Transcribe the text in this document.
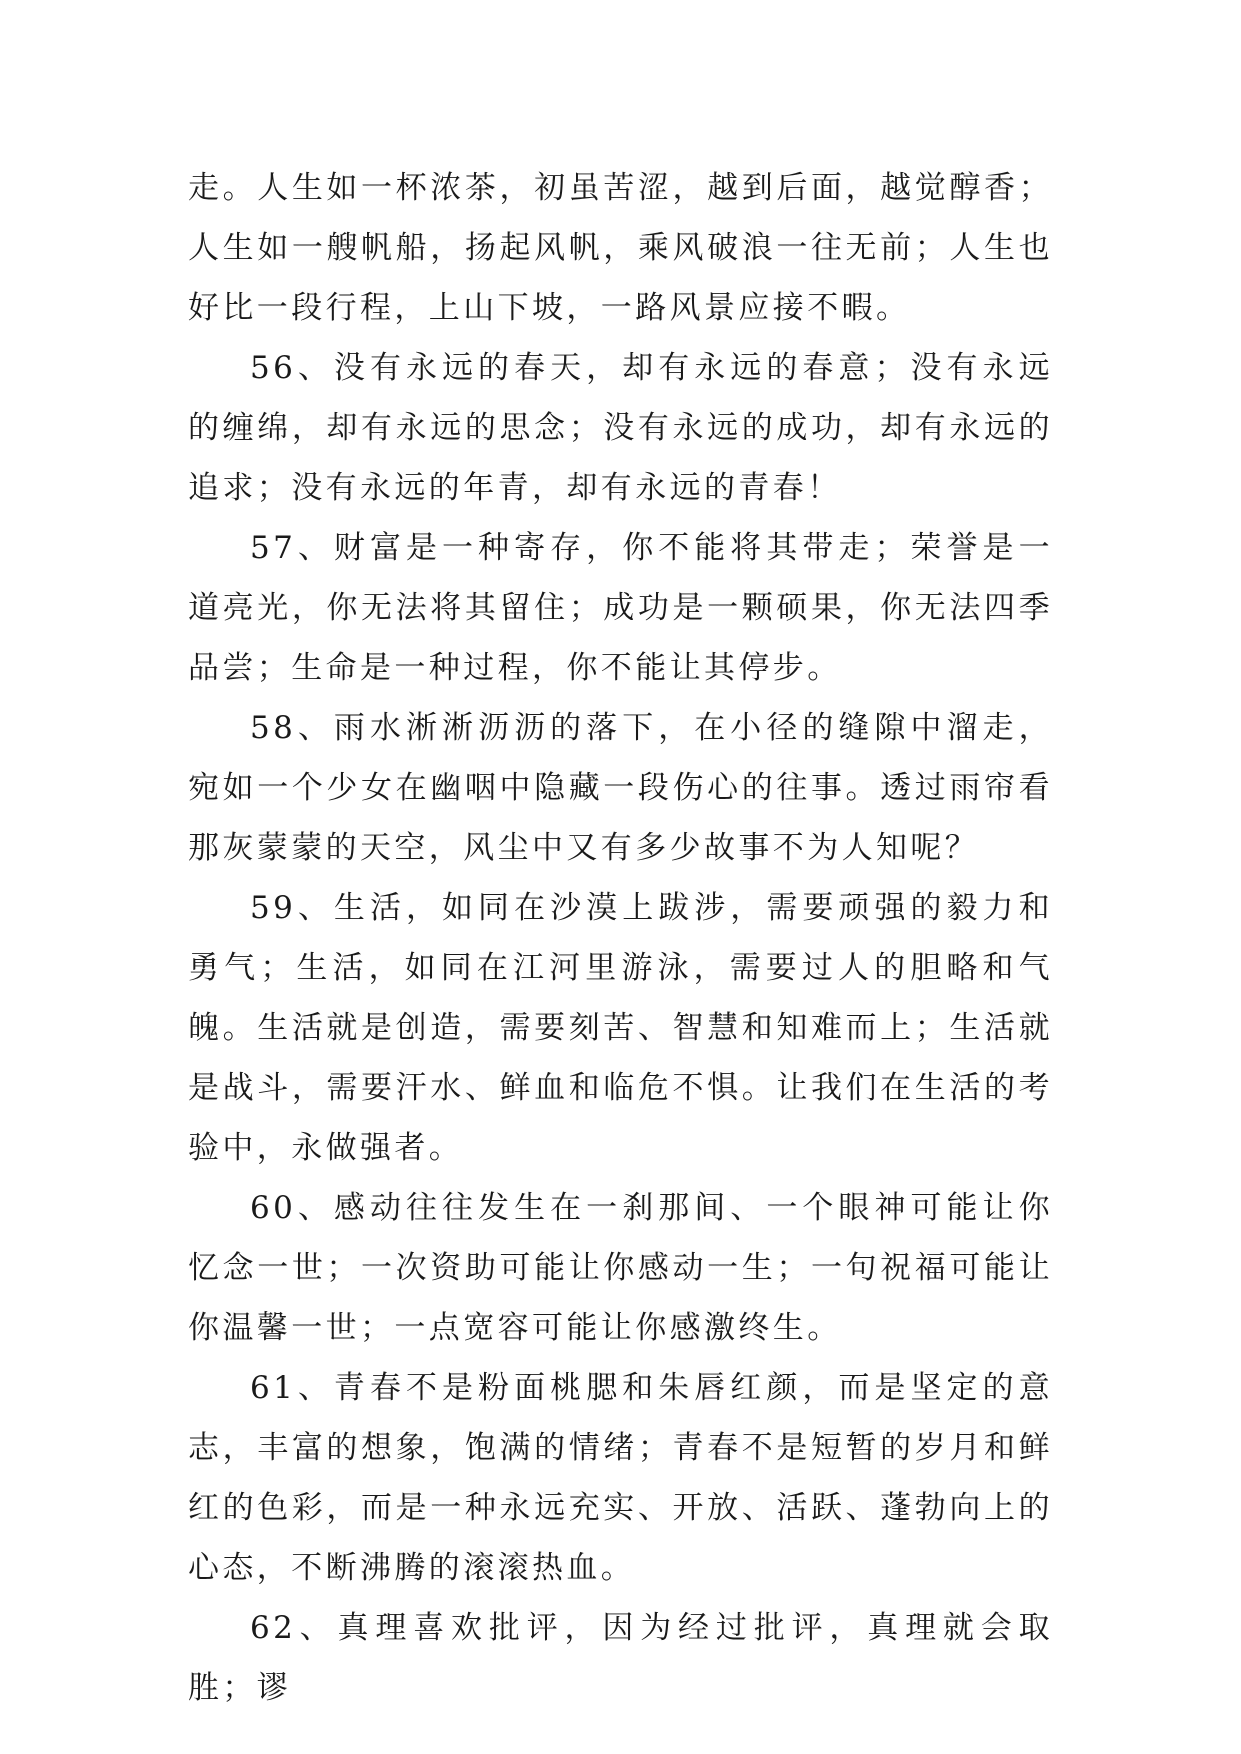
走。人生如一杯浓茶，初虽苦涩，越到后面，越觉醇香；人生如一艘帆船，扬起风帆，乘风破浪一往无前；人生也好比一段行程，上山下坡，一路风景应接不暇。

56、没有永远的春天，却有永远的春意；没有永远的缠绵，却有永远的思念；没有永远的成功，却有永远的追求；没有永远的年青，却有永远的青春！

57、财富是一种寄存，你不能将其带走；荣誉是一道亮光，你无法将其留住；成功是一颗硕果，你无法四季品尝；生命是一种过程，你不能让其停步。

58、雨水淅淅沥沥的落下，在小径的缝隙中溜走，宛如一个少女在幽咽中隐藏一段伤心的往事。透过雨帘看那灰蒙蒙的天空，风尘中又有多少故事不为人知呢？

59、生活，如同在沙漠上跋涉，需要顽强的毅力和勇气；生活，如同在江河里游泳，需要过人的胆略和气魄。生活就是创造，需要刻苦、智慧和知难而上；生活就是战斗，需要汗水、鲜血和临危不惧。让我们在生活的考验中，永做强者。

60、感动往往发生在一刹那间、一个眼神可能让你忆念一世；一次资助可能让你感动一生；一句祝福可能让你温馨一世；一点宽容可能让你感激终生。

61、青春不是粉面桃腮和朱唇红颜，而是坚定的意志，丰富的想象，饱满的情绪；青春不是短暂的岁月和鲜红的色彩，而是一种永远充实、开放、活跃、蓬勃向上的心态，不断沸腾的滚滚热血。

62、真理喜欢批评，因为经过批评，真理就会取胜；谬
